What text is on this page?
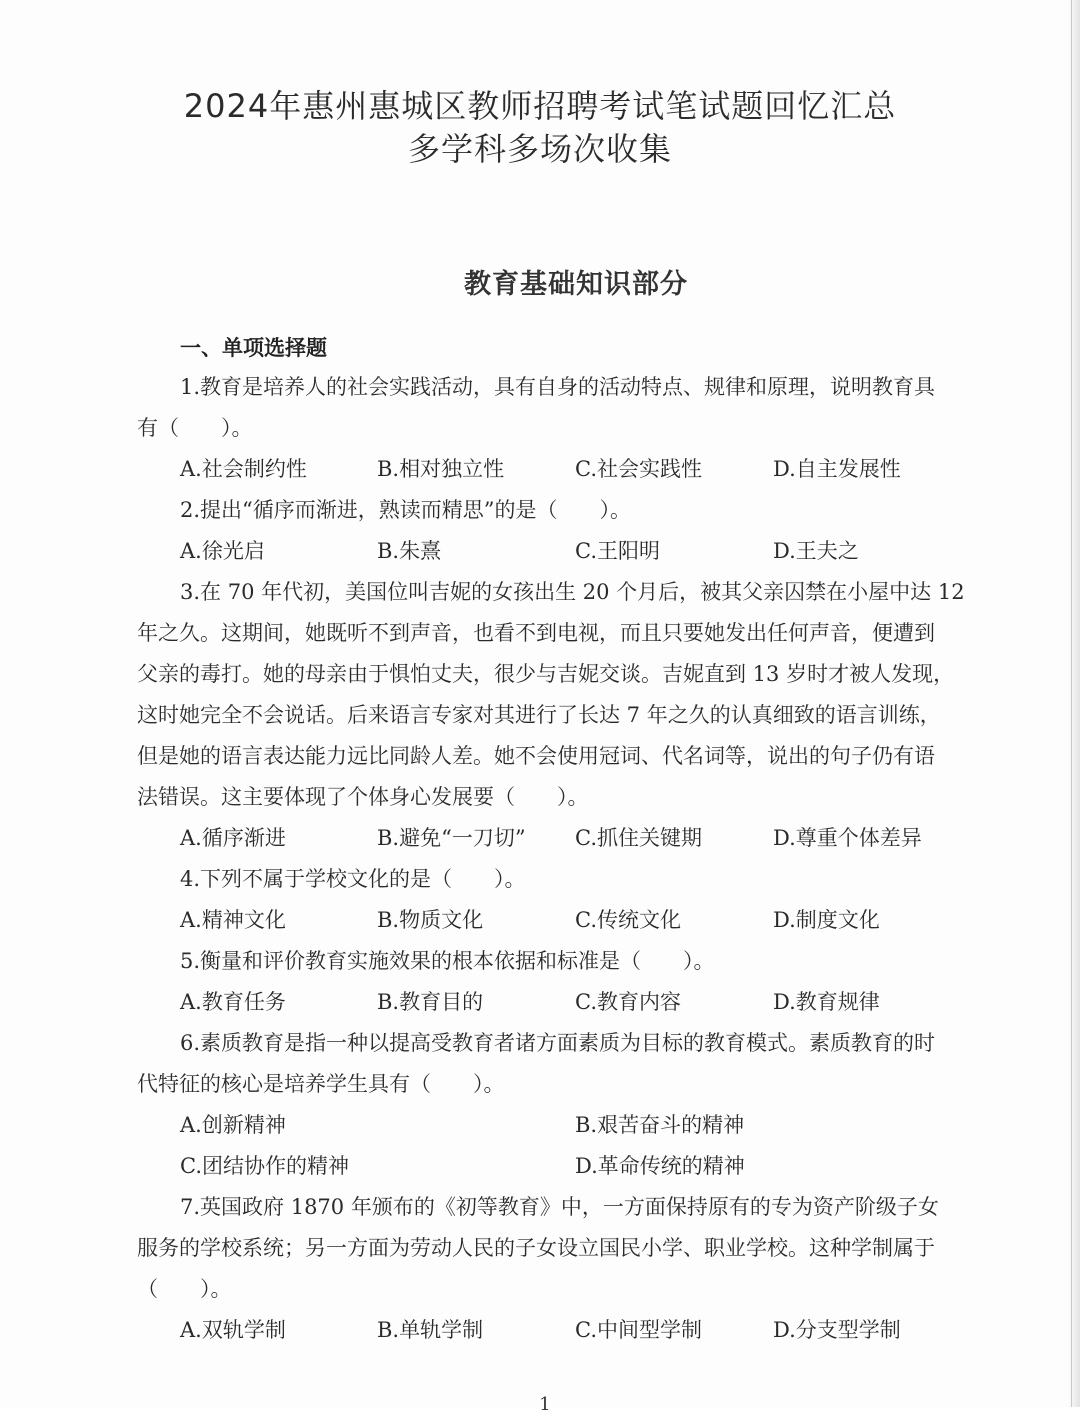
2024年惠州惠城区教师招聘考试笔试题回忆汇总
多学科多场次收集
教育基础知识部分
一、单项选择题
1.教育是培养人的社会实践活动，具有自身的活动特点、规律和原理，说明教育具
有（　　）。
A.社会制约性	B.相对独立性	C.社会实践性	D.自主发展性
2.提出“循序而渐进，熟读而精思”的是（　　）。
A.徐光启	B.朱熹	C.王阳明	D.王夫之
3.在 70 年代初，美国位叫吉妮的女孩出生 20 个月后，被其父亲囚禁在小屋中达 12
年之久。这期间，她既听不到声音，也看不到电视，而且只要她发出任何声音，便遭到
父亲的毒打。她的母亲由于惧怕丈夫，很少与吉妮交谈。吉妮直到 13 岁时才被人发现，
这时她完全不会说话。后来语言专家对其进行了长达 7 年之久的认真细致的语言训练，
但是她的语言表达能力远比同龄人差。她不会使用冠词、代名词等，说出的句子仍有语
法错误。这主要体现了个体身心发展要（　　）。
A.循序渐进	B.避免“一刀切” C.抓住关键期	D.尊重个体差异
4.下列不属于学校文化的是（　　）。
A.精神文化	B.物质文化	C.传统文化	D.制度文化
5.衡量和评价教育实施效果的根本依据和标准是（　　）。
A.教育任务	B.教育目的	C.教育内容	D.教育规律
6.素质教育是指一种以提高受教育者诸方面素质为目标的教育模式。素质教育的时
代特征的核心是培养学生具有（　　）。
A.创新精神	B.艰苦奋斗的精神
C.团结协作的精神	D.革命传统的精神
7.英国政府 1870 年颁布的《初等教育》中，一方面保持原有的专为资产阶级子女
服务的学校系统；另一方面为劳动人民的子女设立国民小学、职业学校。这种学制属于
（　　）。
A.双轨学制	B.单轨学制	C.中间型学制	D.分支型学制
1
